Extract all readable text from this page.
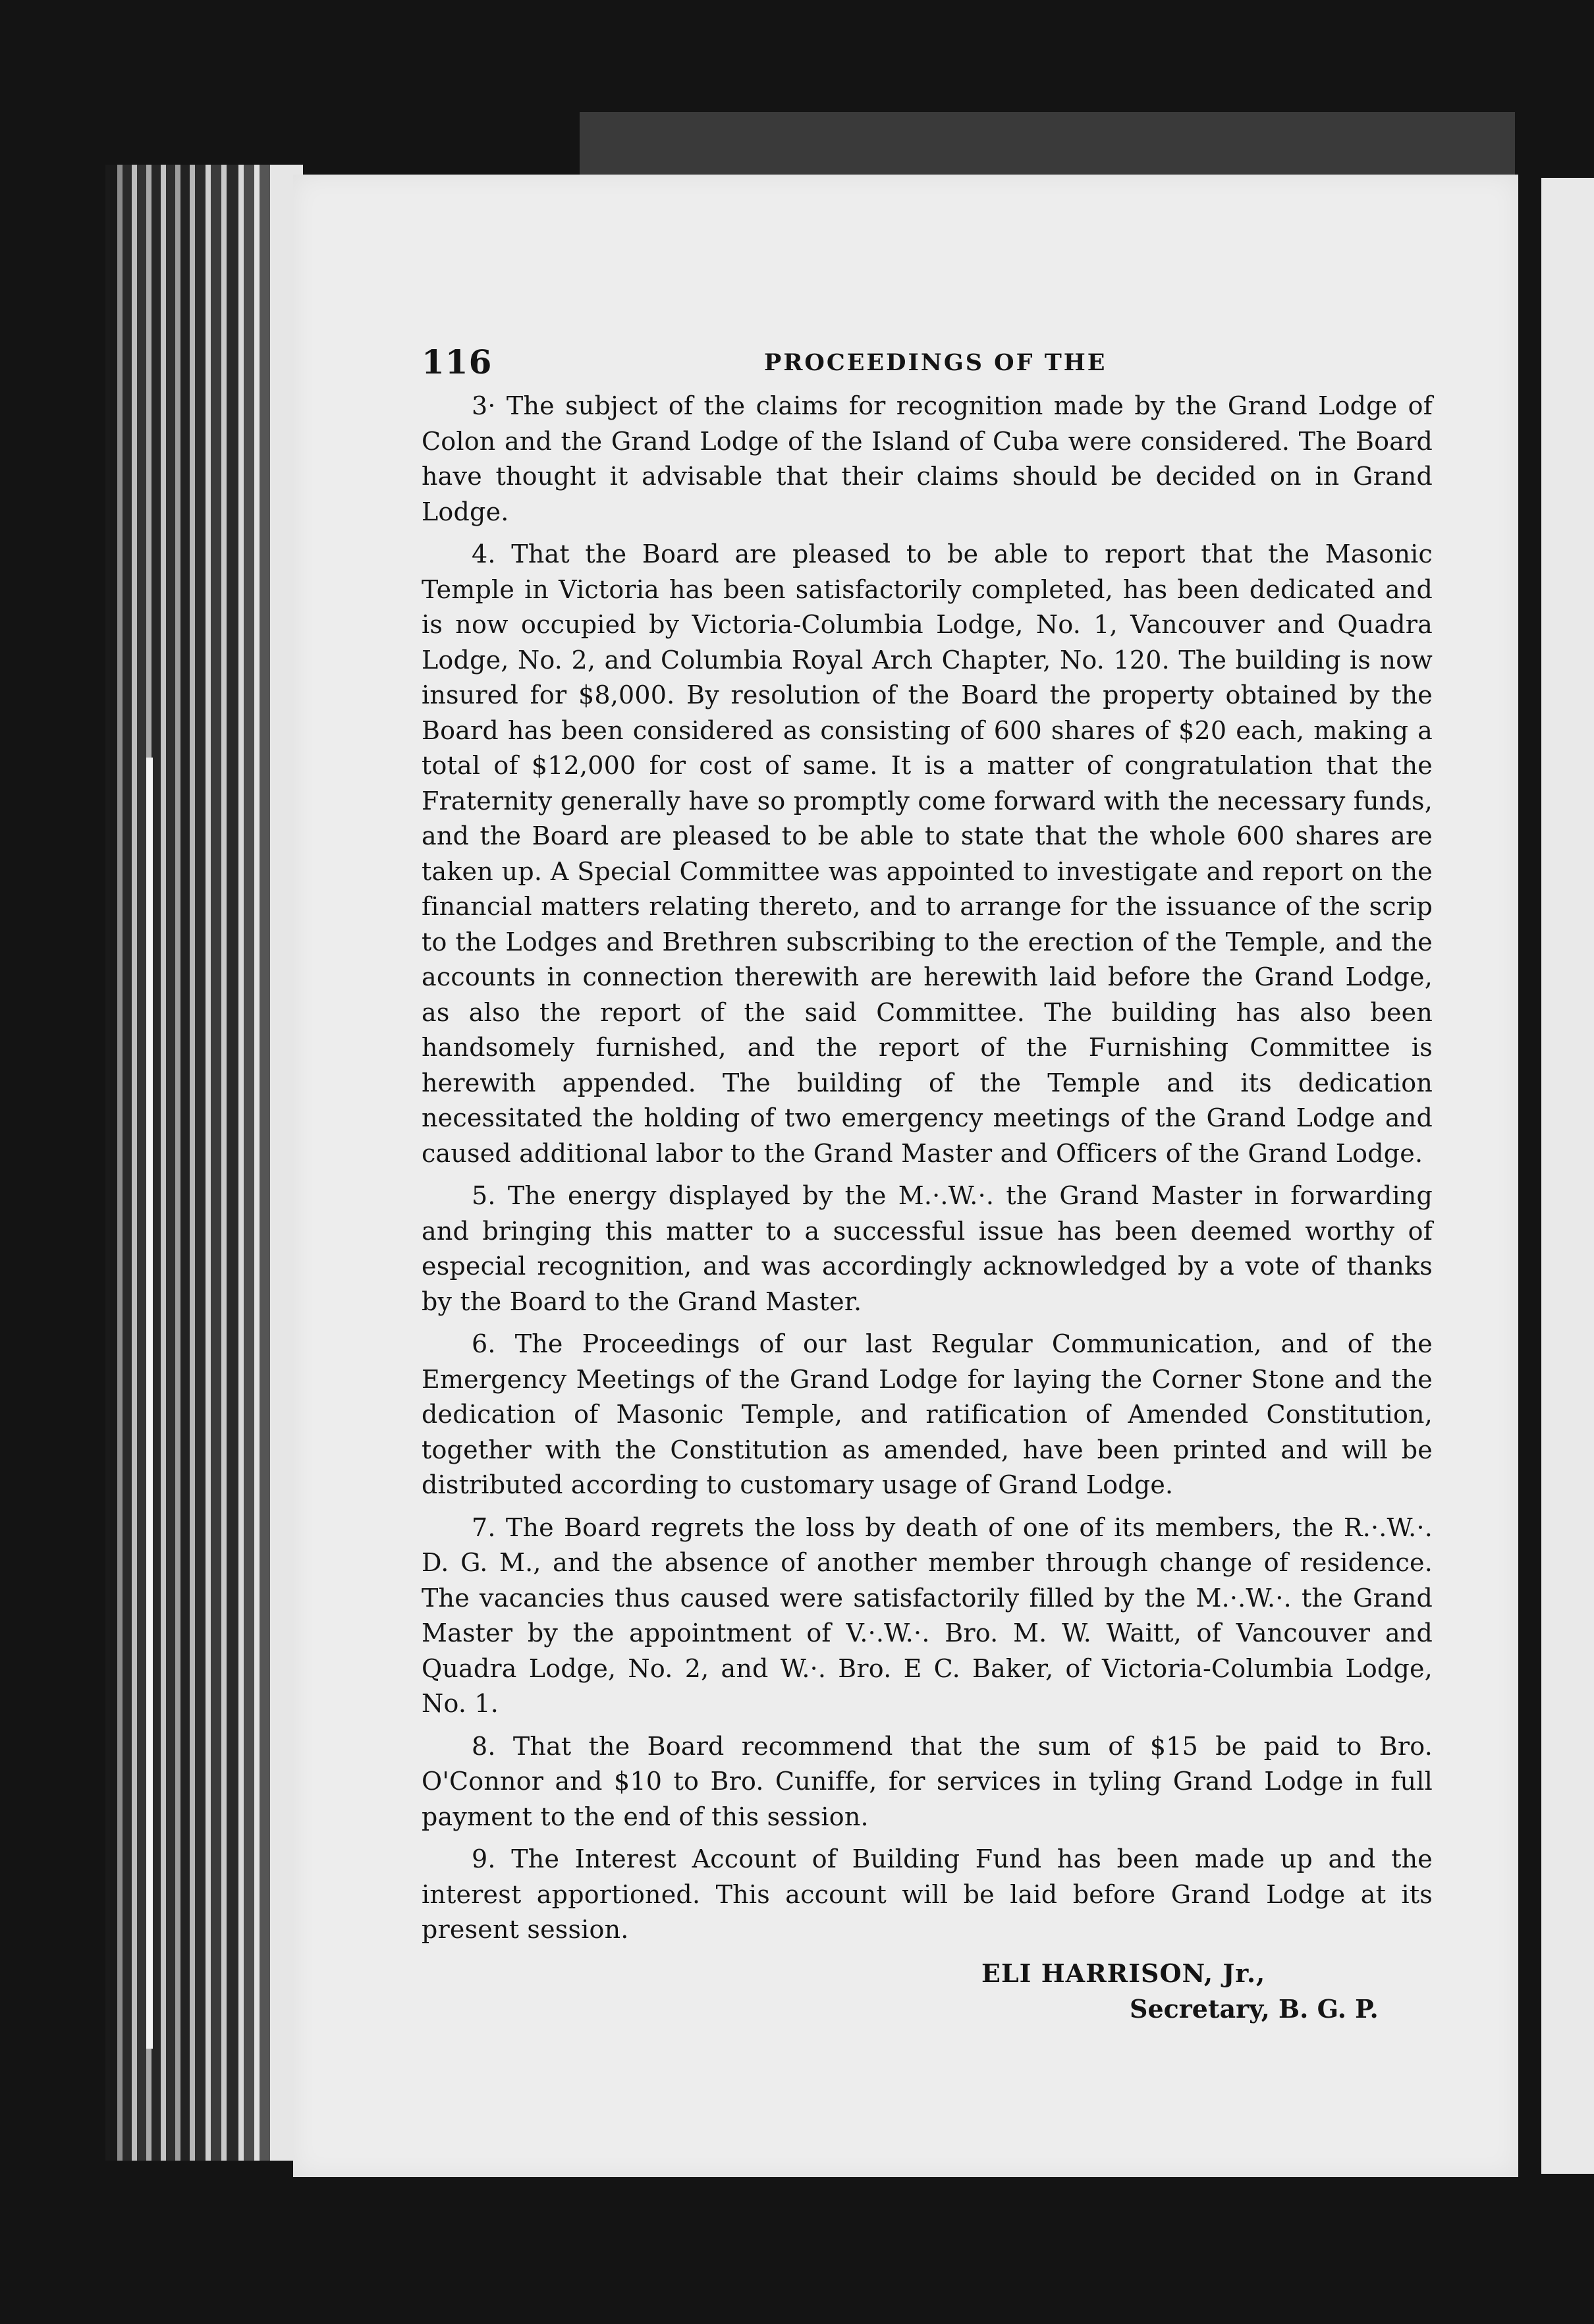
116	PROCEEDINGS OF THE

3· The subject of the claims for recognition made by the Grand Lodge of Colon and the Grand Lodge of the Island of Cuba were considered. The Board have thought it advisable that their claims should be decided on in Grand Lodge.

4. That the Board are pleased to be able to report that the Masonic Temple in Victoria has been satisfactorily completed, has been dedicated and is now occupied by Victoria-Columbia Lodge, No. 1, Vancouver and Quadra Lodge, No. 2, and Columbia Royal Arch Chapter, No. 120. The building is now insured for $8,000. By resolution of the Board the property obtained by the Board has been considered as consisting of 600 shares of $20 each, making a total of $12,000 for cost of same. It is a matter of congratulation that the Fraternity generally have so promptly come forward with the necessary funds, and the Board are pleased to be able to state that the whole 600 shares are taken up. A Special Committee was appointed to investigate and report on the financial matters relating thereto, and to arrange for the issuance of the scrip to the Lodges and Brethren subscribing to the erection of the Temple, and the accounts in connection therewith are herewith laid before the Grand Lodge, as also the report of the said Committee. The building has also been handsomely furnished, and the report of the Furnishing Committee is herewith appended. The building of the Temple and its dedication necessitated the holding of two emergency meetings of the Grand Lodge and caused additional labor to the Grand Master and Officers of the Grand Lodge.

5. The energy displayed by the M.·.W.·. the Grand Master in forwarding and bringing this matter to a successful issue has been deemed worthy of especial recognition, and was accordingly acknowledged by a vote of thanks by the Board to the Grand Master.

6. The Proceedings of our last Regular Communication, and of the Emergency Meetings of the Grand Lodge for laying the Corner Stone and the dedication of Masonic Temple, and ratification of Amended Constitution, together with the Constitution as amended, have been printed and will be distributed according to customary usage of Grand Lodge.

7. The Board regrets the loss by death of one of its members, the R.·.W.·. D. G. M., and the absence of another member through change of residence. The vacancies thus caused were satisfactorily filled by the M.·.W.·. the Grand Master by the appointment of V.·.W.·. Bro. M. W. Waitt, of Vancouver and Quadra Lodge, No. 2, and W.·. Bro. E C. Baker, of Victoria-Columbia Lodge, No. 1.

8. That the Board recommend that the sum of $15 be paid to Bro. O'Connor and $10 to Bro. Cuniffe, for services in tyling Grand Lodge in full payment to the end of this session.

9. The Interest Account of Building Fund has been made up and the interest apportioned. This account will be laid before Grand Lodge at its present session.

ELI HARRISON, Jr.,
Secretary, B. G. P.
